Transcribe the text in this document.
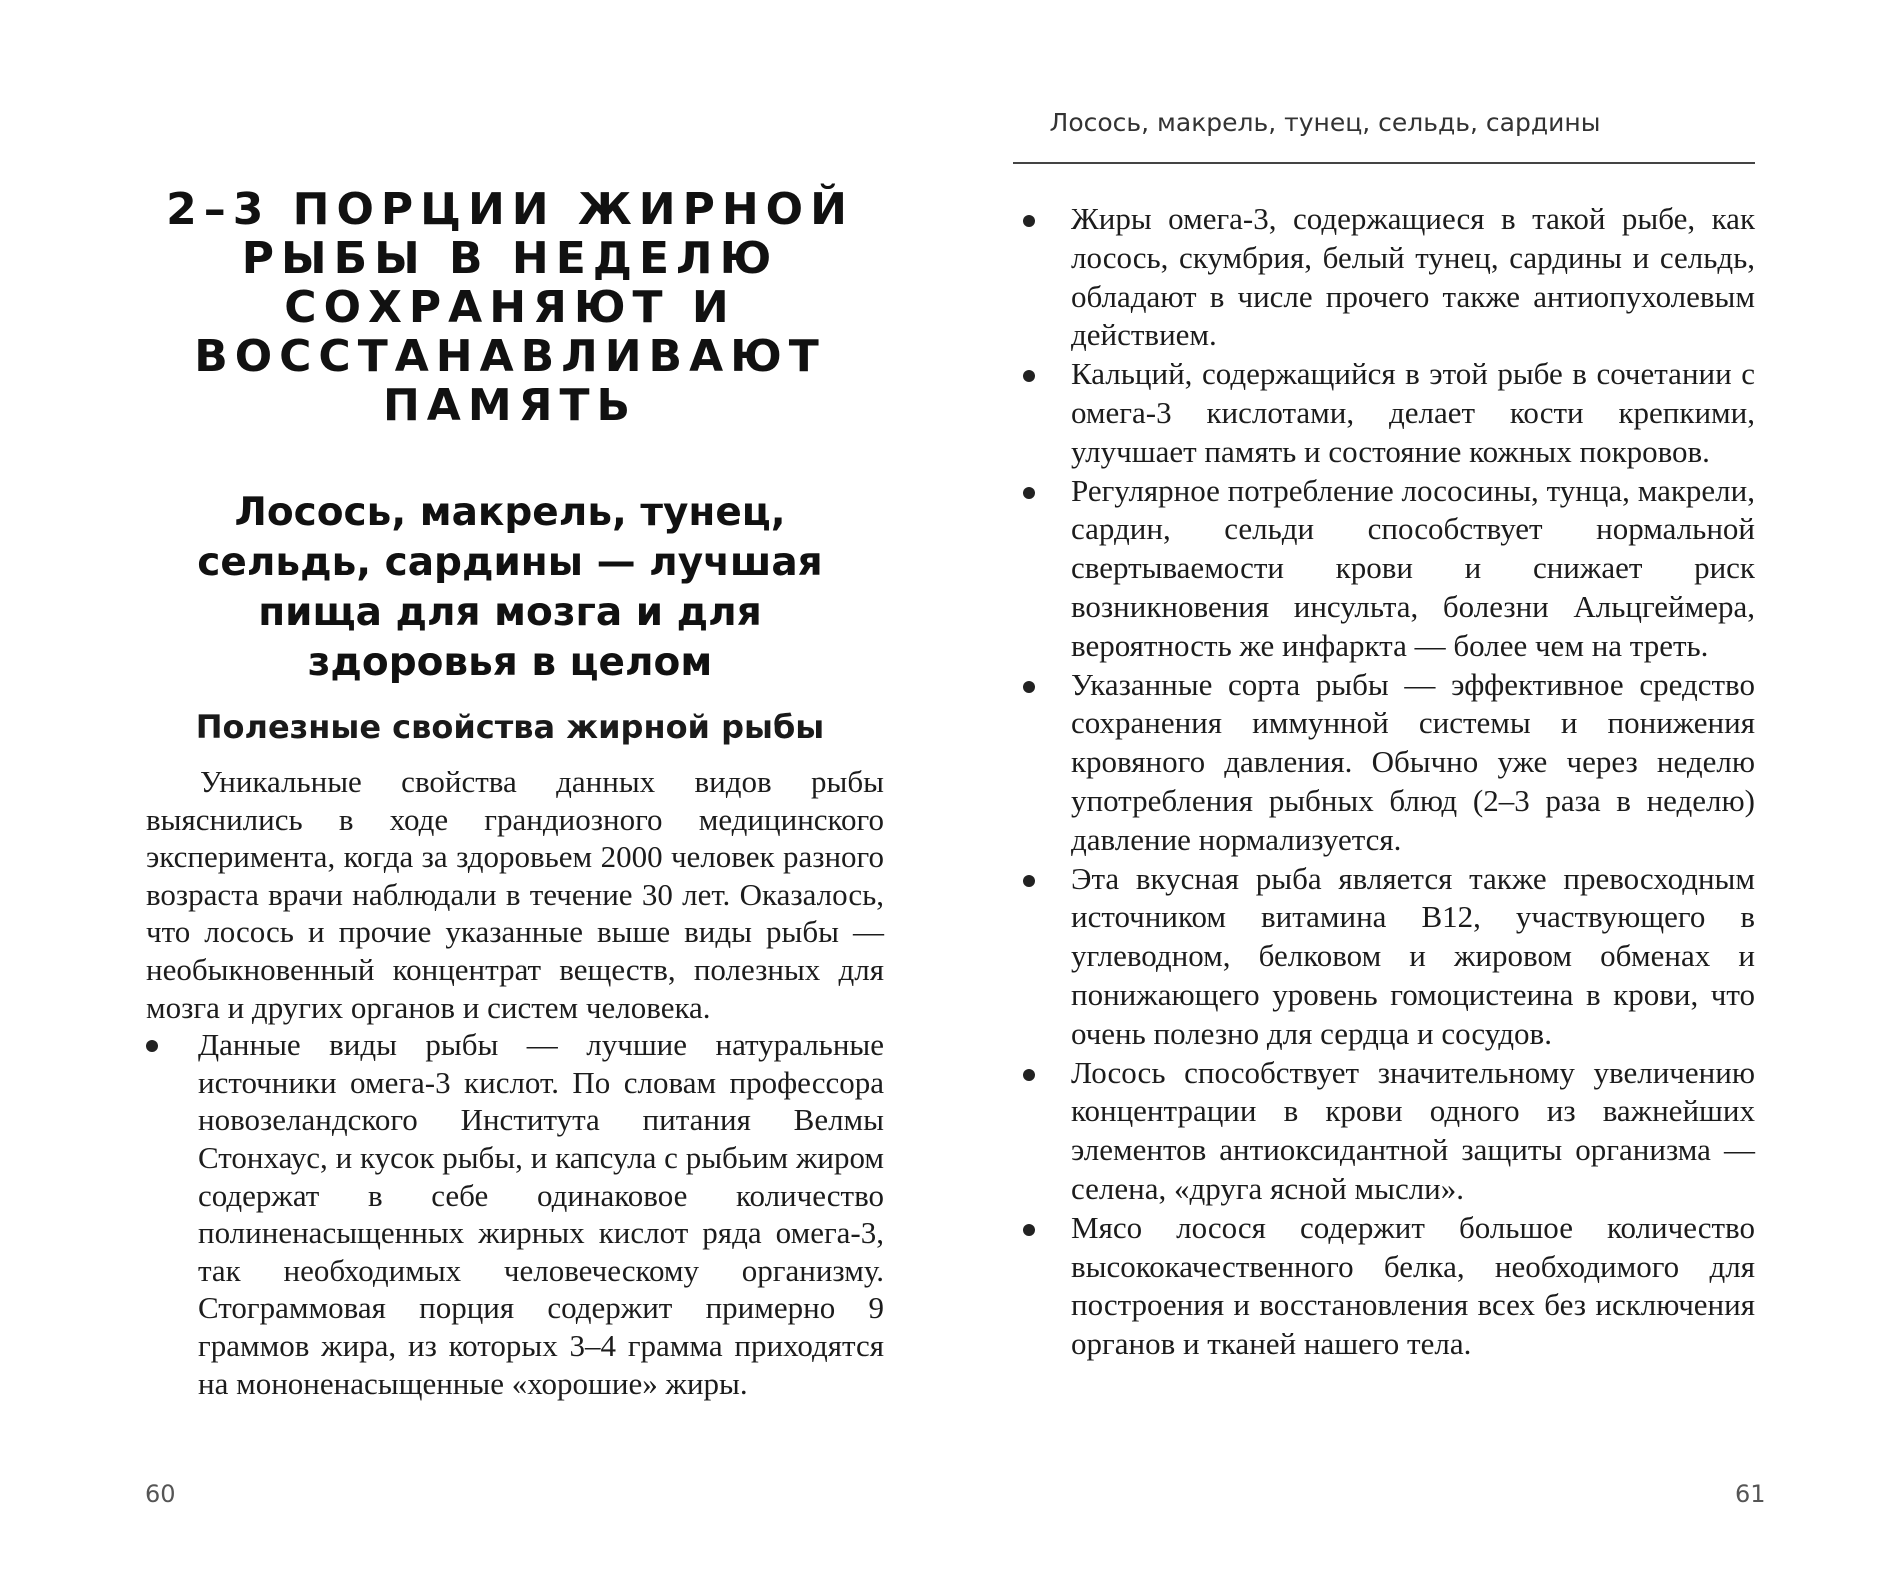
2–3 ПОРЦИИ ЖИРНОЙ РЫБЫ В НЕДЕЛЮ СОХРАНЯЮТ И ВОССТАНАВЛИВАЮТ ПАМЯТЬ
Лосось, макрель, тунец, сельдь, сардины — лучшая пища для мозга и для здоровья в целом
Полезные свойства жирной рыбы

Уникальные свойства данных видов рыбы выяснились в ходе грандиозного медицинского эксперимента, когда за здоровьем 2000 человек разного возраста врачи наблюдали в течение 30 лет. Оказалось, что лосось и прочие указанные выше виды рыбы — необыкновенный концентрат веществ, полезных для мозга и других органов и систем человека.

Данные виды рыбы — лучшие натуральные источники омега-3 кислот. По словам профессора новозеландского Института питания Велмы Стонхаус, и кусок рыбы, и капсула с рыбьим жиром содержат в себе одинаковое количество полиненасыщенных жирных кислот ряда омега-3, так необходимых человеческому организму. Стограммовая порция содержит примерно 9 граммов жира, из которых 3–4 грамма приходятся на мононенасыщенные «хорошие» жиры.
60
Лосось, макрель, тунец, сельдь, сардины
Жиры омега-3, содержащиеся в такой рыбе, как лосось, скумбрия, белый тунец, сардины и сельдь, обладают в числе прочего также антиопухолевым действием.
Кальций, содержащийся в этой рыбе в сочетании с омега-3 кислотами, делает кости крепкими, улучшает память и состояние кожных покровов.
Регулярное потребление лососины, тунца, макрели, сардин, сельди способствует нормальной свертываемости крови и снижает риск возникновения инсульта, болезни Альцгеймера, вероятность же инфаркта — более чем на треть.
Указанные сорта рыбы — эффективное средство сохранения иммунной системы и понижения кровяного давления. Обычно уже через неделю употребления рыбных блюд (2–3 раза в неделю) давление нормализуется.
Эта вкусная рыба является также превосходным источником витамина B12, участвующего в углеводном, белковом и жировом обменах и понижающего уровень гомоцистеина в крови, что очень полезно для сердца и сосудов.
Лосось способствует значительному увеличению концентрации в крови одного из важнейших элементов антиоксидантной защиты организма — селена, «друга ясной мысли».
Мясо лосося содержит большое количество высококачественного белка, необходимого для построения и восстановления всех без исключения органов и тканей нашего тела.
61
